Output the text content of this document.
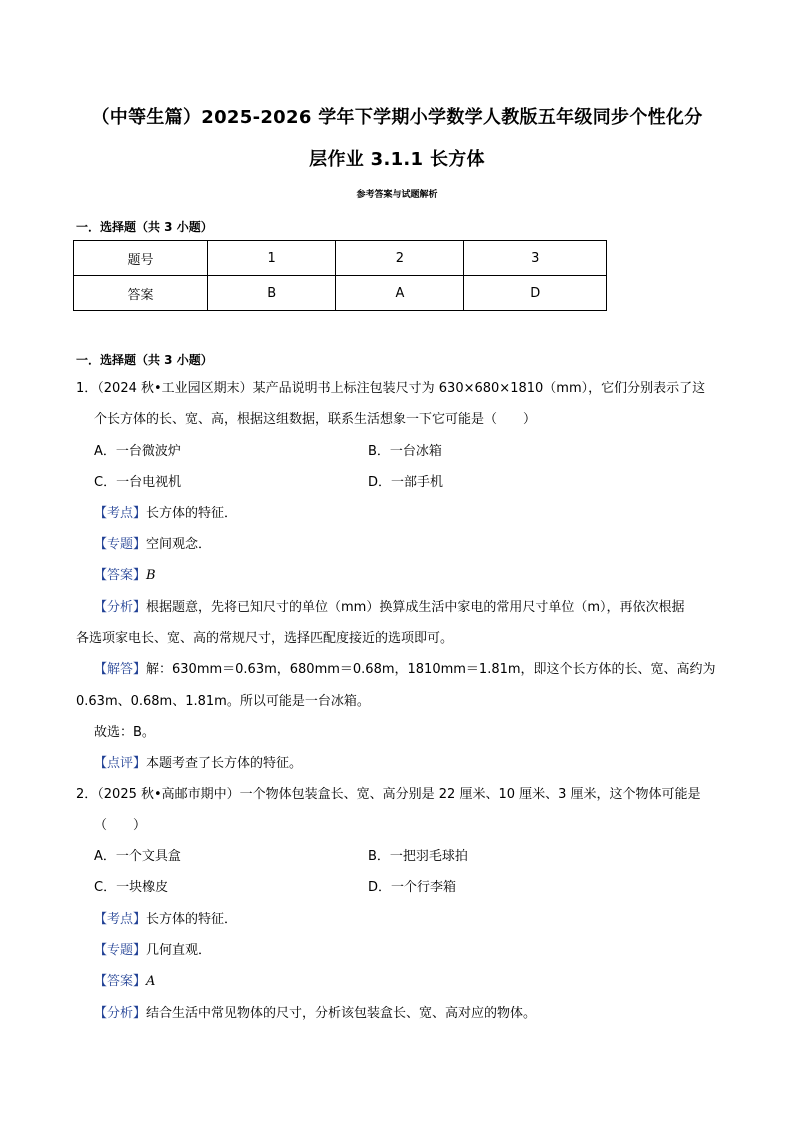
（中等生篇）2025-2026 学年下学期小学数学人教版五年级同步个性化分
层作业 3.1.1 长方体
参考答案与试题解析
一．选择题（共 3 小题）
题号	1	2	3
答案	B	A	D
一．选择题（共 3 小题）
1．（2024 秋•工业园区期末）某产品说明书上标注包装尺寸为 630×680×1810（mm），它们分别表示了这
个长方体的长、宽、高，根据这组数据，联系生活想象一下它可能是（　　）
A．一台微波炉	B．一台冰箱
C．一台电视机	D．一部手机
【考点】长方体的特征．
【专题】空间观念．
【答案】B
【分析】根据题意，先将已知尺寸的单位（mm）换算成生活中家电的常用尺寸单位（m），再依次根据
各选项家电长、宽、高的常规尺寸，选择匹配度接近的选项即可。
【解答】解：630mm＝0.63m，680mm＝0.68m，1810mm＝1.81m，即这个长方体的长、宽、高约为
0.63m、0.68m、1.81m。所以可能是一台冰箱。
故选：B。
【点评】本题考查了长方体的特征。
2．（2025 秋•高邮市期中）一个物体包装盒长、宽、高分别是 22 厘米、10 厘米、3 厘米，这个物体可能是
（　　）
A．一个文具盒	B．一把羽毛球拍
C．一块橡皮	D．一个行李箱
【考点】长方体的特征．
【专题】几何直观．
【答案】A
【分析】结合生活中常见物体的尺寸，分析该包装盒长、宽、高对应的物体。
